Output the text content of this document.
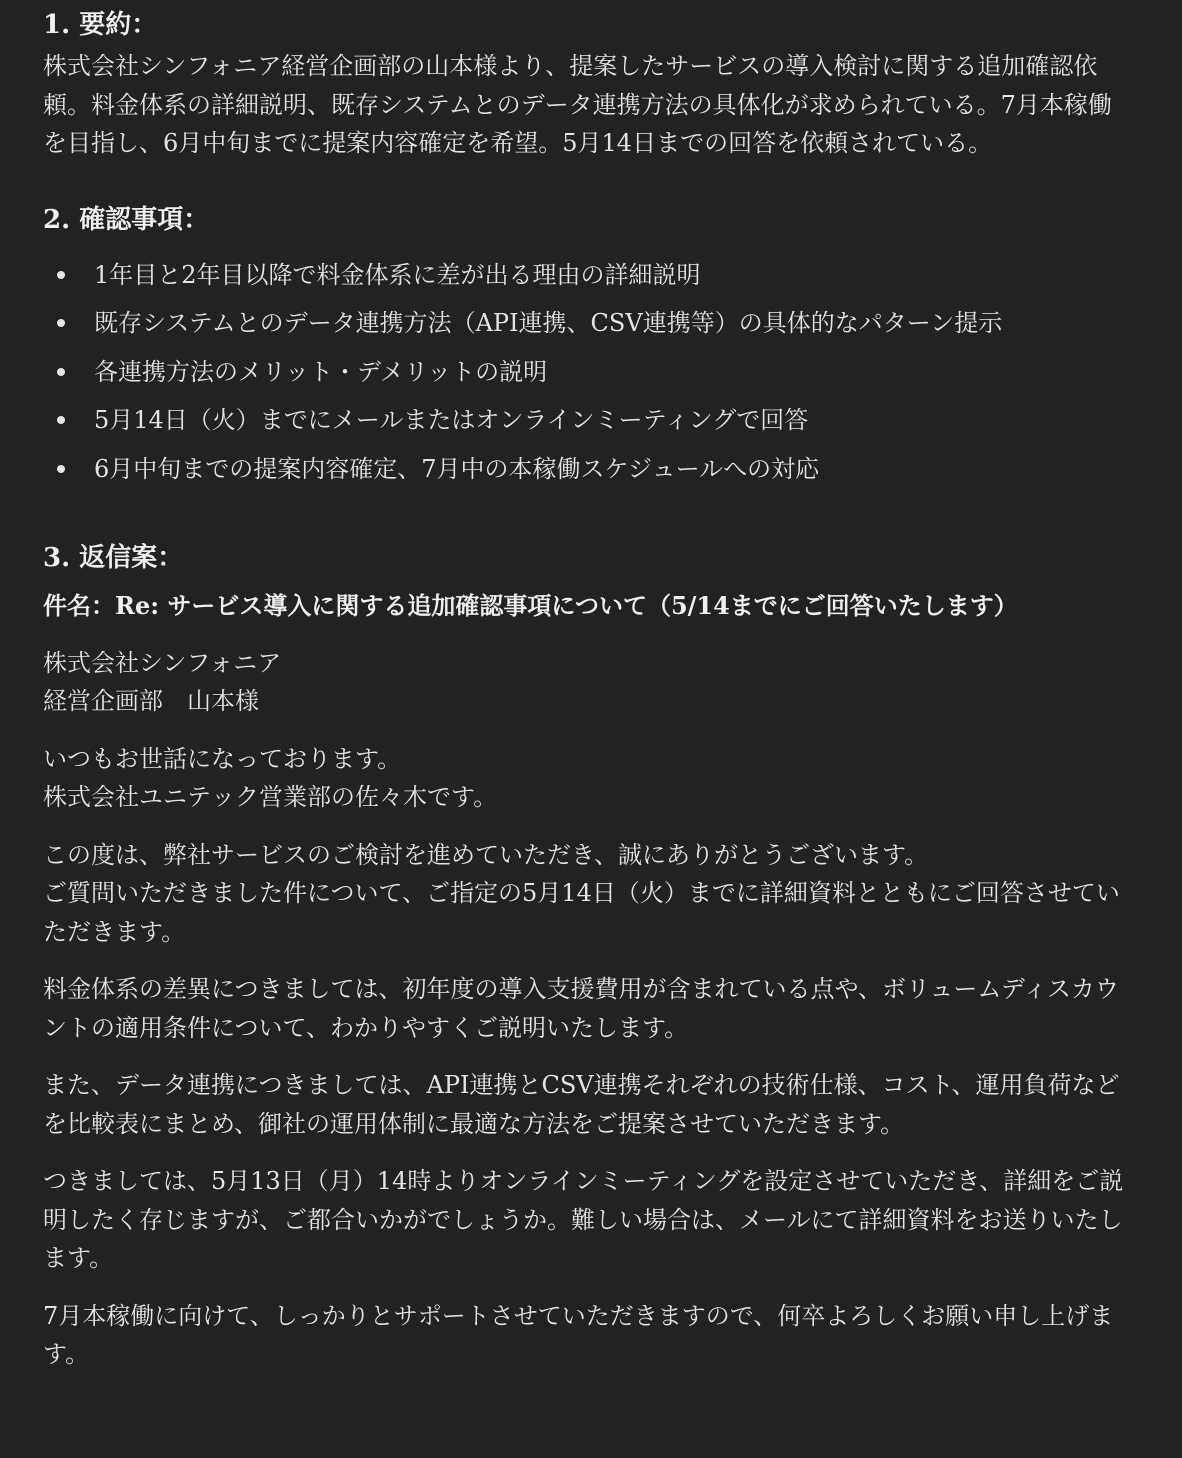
1. 要約：

株式会社シンフォニア経営企画部の山本様より、提案したサービスの導入検討に関する追加確認依頼。料金体系の詳細説明、既存システムとのデータ連携方法の具体化が求められている。7月本稼働を目指し、6月中旬までに提案内容確定を希望。5月14日までの回答を依頼されている。

2. 確認事項：
1年目と2年目以降で料金体系に差が出る理由の詳細説明
既存システムとのデータ連携方法（API連携、CSV連携等）の具体的なパターン提示
各連携方法のメリット・デメリットの説明
5月14日（火）までにメールまたはオンラインミーティングで回答
6月中旬までの提案内容確定、7月中の本稼働スケジュールへの対応
3. 返信案：

件名：Re: サービス導入に関する追加確認事項について（5/14までにご回答いたします）

株式会社シンフォニア
経営企画部　山本様

いつもお世話になっております。
株式会社ユニテック営業部の佐々木です。

この度は、弊社サービスのご検討を進めていただき、誠にありがとうございます。
ご質問いただきました件について、ご指定の5月14日（火）までに詳細資料とともにご回答させていただきます。

料金体系の差異につきましては、初年度の導入支援費用が含まれている点や、ボリュームディスカウントの適用条件について、わかりやすくご説明いたします。

また、データ連携につきましては、API連携とCSV連携それぞれの技術仕様、コスト、運用負荷などを比較表にまとめ、御社の運用体制に最適な方法をご提案させていただきます。

つきましては、5月13日（月）14時よりオンラインミーティングを設定させていただき、詳細をご説明したく存じますが、ご都合いかがでしょうか。難しい場合は、メールにて詳細資料をお送りいたします。

7月本稼働に向けて、しっかりとサポートさせていただきますので、何卒よろしくお願い申し上げます。
